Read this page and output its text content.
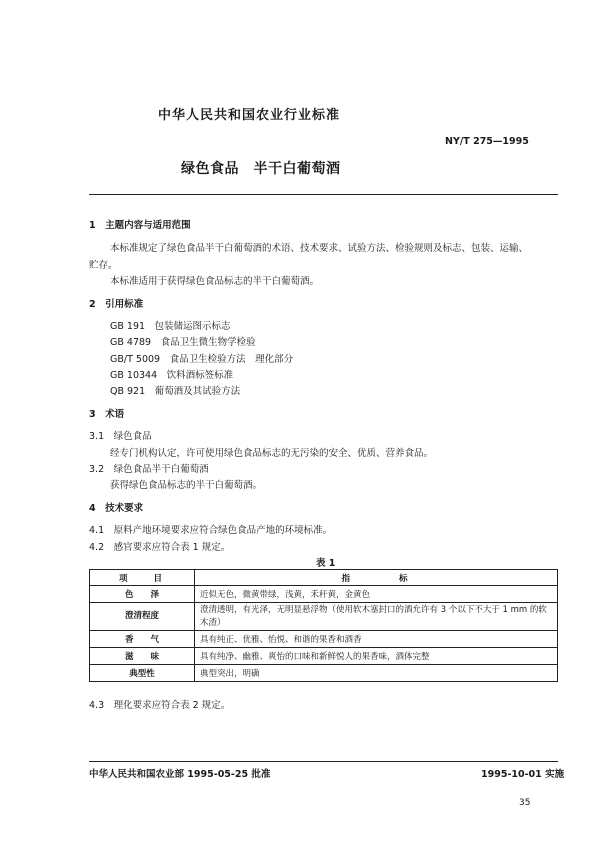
中华人民共和国农业行业标准
NY/T 275—1995
绿色食品　半干白葡萄酒
1　主题内容与适用范围
本标准规定了绿色食品半干白葡萄酒的术语、技术要求、试验方法、检验规则及标志、包装、运输、
贮存。
本标准适用于获得绿色食品标志的半干白葡萄酒。
2　引用标准
GB 191　包装储运图示标志
GB 4789　食品卫生微生物学检验
GB/T 5009　食品卫生检验方法　理化部分
GB 10344　饮料酒标签标准
QB 921　葡萄酒及其试验方法
3　术语
3.1　绿色食品
经专门机构认定，许可使用绿色食品标志的无污染的安全、优质、营养食品。
3.2　绿色食品半干白葡萄酒
获得绿色食品标志的半干白葡萄酒。
4　技术要求
4.1　原料产地环境要求应符合绿色食品产地的环境标准。
4.2　感官要求应符合表 1 规定。
表 1
项　　目	指　　　　标
色　　泽	近似无色，微黄带绿，浅黄，禾秆黄，金黄色
澄清程度	澄清透明，有光泽，无明显悬浮物（使用软木塞封口的酒允许有 3 个以下不大于 1 mm 的软
木渣）

香　　气	具有纯正、优雅、怡悦、和谐的果香和酒香
滋　　味	具有纯净、幽雅、爽怡的口味和新鲜悦人的果香味，酒体完整
典型性	典型突出，明确
4.3　理化要求应符合表 2 规定。
中华人民共和国农业部 1995-05-25 批准	1995-10-01 实施
35
